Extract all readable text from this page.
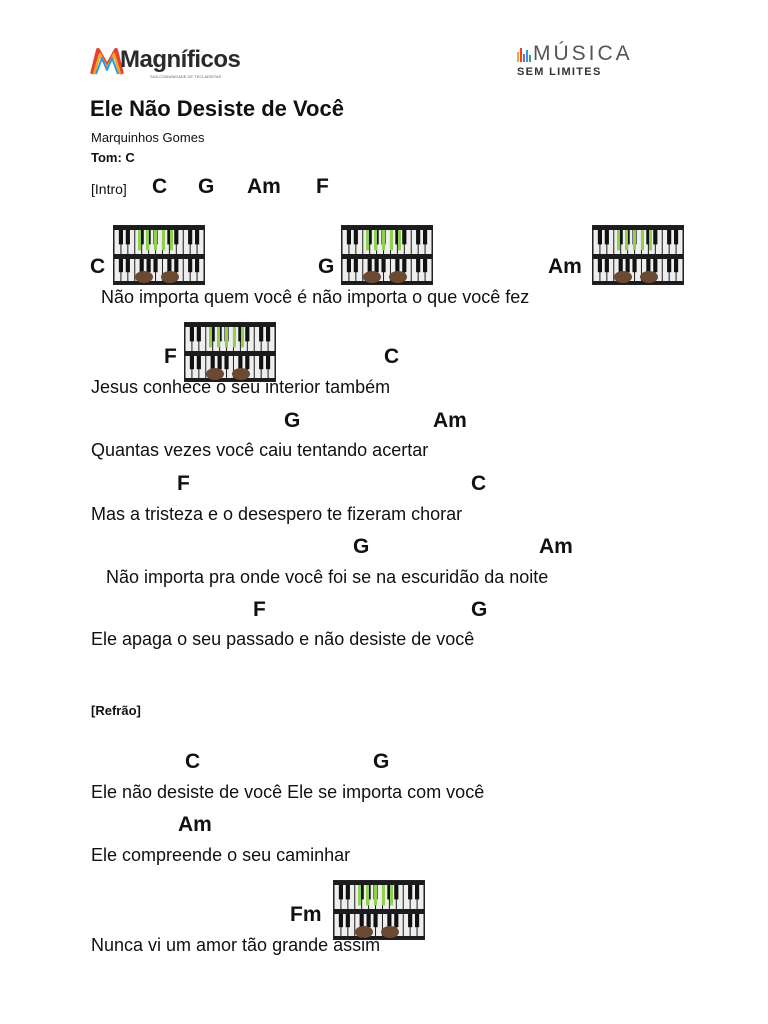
Magníficos
SUA COMUNIDADE DE TECLADISTAS
MÚSICA
SEM LIMITES
Ele Não Desiste de Você
Marquinhos Gomes
Tom: C
[Intro] C G Am F
C	G	Am
Não importa quem você é não importa o que você fez
F	C
Jesus conhece o seu interior também
G	Am
Quantas vezes você caiu tentando acertar
F	C
Mas a tristeza e o desespero te fizeram chorar
G	Am
Não importa pra onde você foi se na escuridão da noite
F	G
Ele apaga o seu passado e não desiste de você
[Refrão]
C	G
Ele não desiste de você Ele se importa com você
Am
Ele compreende o seu caminhar
Fm
Nunca vi um amor tão grande assim
